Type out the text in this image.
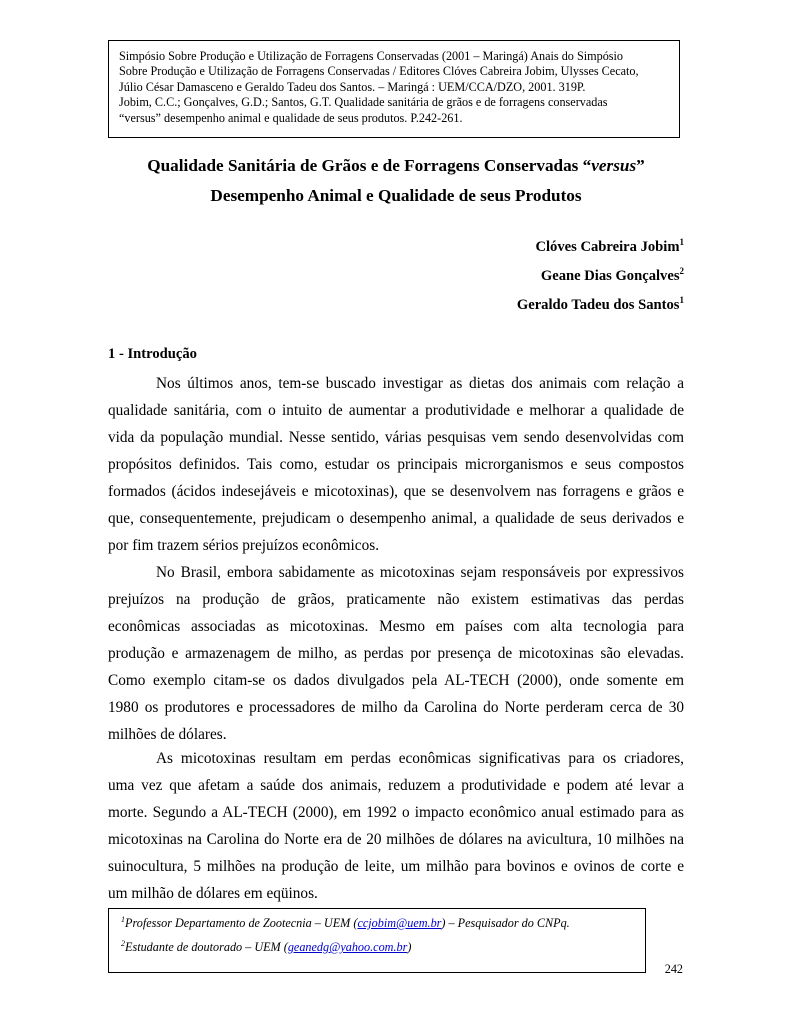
Simpósio Sobre Produção e Utilização de Forragens Conservadas (2001 – Maringá) Anais do Simpósio
Sobre Produção e Utilização de Forragens Conservadas / Editores Clóves Cabreira Jobim, Ulysses Cecato,
Júlio César Damasceno e Geraldo Tadeu dos Santos. – Maringá : UEM/CCA/DZO, 2001. 319P.
Jobim, C.C.; Gonçalves, G.D.; Santos, G.T. Qualidade sanitária de grãos e de forragens conservadas
“versus” desempenho animal e qualidade de seus produtos. P.242-261.
Qualidade Sanitária de Grãos e de Forragens Conservadas “versus”
Desempenho Animal e Qualidade de seus Produtos
Clóves Cabreira Jobim$^1$
Geane Dias Gonçalves$^2$
Geraldo Tadeu dos Santos$^1$
1 - Introdução
Nos últimos anos, tem-se buscado investigar as dietas dos animais com relação a
qualidade sanitária, com o intuito de aumentar a produtividade e melhorar a qualidade de
vida da população mundial. Nesse sentido, várias pesquisas vem sendo desenvolvidas com
propósitos definidos. Tais como, estudar os principais microrganismos e seus compostos
formados (ácidos indesejáveis e micotoxinas), que se desenvolvem nas forragens e grãos e
que, consequentemente, prejudicam o desempenho animal, a qualidade de seus derivados e
por fim trazem sérios prejuízos econômicos.
No Brasil, embora sabidamente as micotoxinas sejam responsáveis por expressivos
prejuízos na produção de grãos, praticamente não existem estimativas das perdas
econômicas associadas as micotoxinas. Mesmo em países com alta tecnologia para
produção e armazenagem de milho, as perdas por presença de micotoxinas são elevadas.
Como exemplo citam-se os dados divulgados pela AL-TECH (2000), onde somente em
1980 os produtores e processadores de milho da Carolina do Norte perderam cerca de 30
milhões de dólares.
As micotoxinas resultam em perdas econômicas significativas para os criadores,
uma vez que afetam a saúde dos animais, reduzem a produtividade e podem até levar a
morte. Segundo a AL-TECH (2000), em 1992 o impacto econômico anual estimado para as
micotoxinas na Carolina do Norte era de 20 milhões de dólares na avicultura, 10 milhões na
suinocultura, 5 milhões na produção de leite, um milhão para bovinos e ovinos de corte e
um milhão de dólares em eqüinos.
$^1$Professor Departamento de Zootecnia – UEM (ccjobim@uem.br) – Pesquisador do CNPq.
$^2$Estudante de doutorado – UEM (geanedg@yahoo.com.br)
242
